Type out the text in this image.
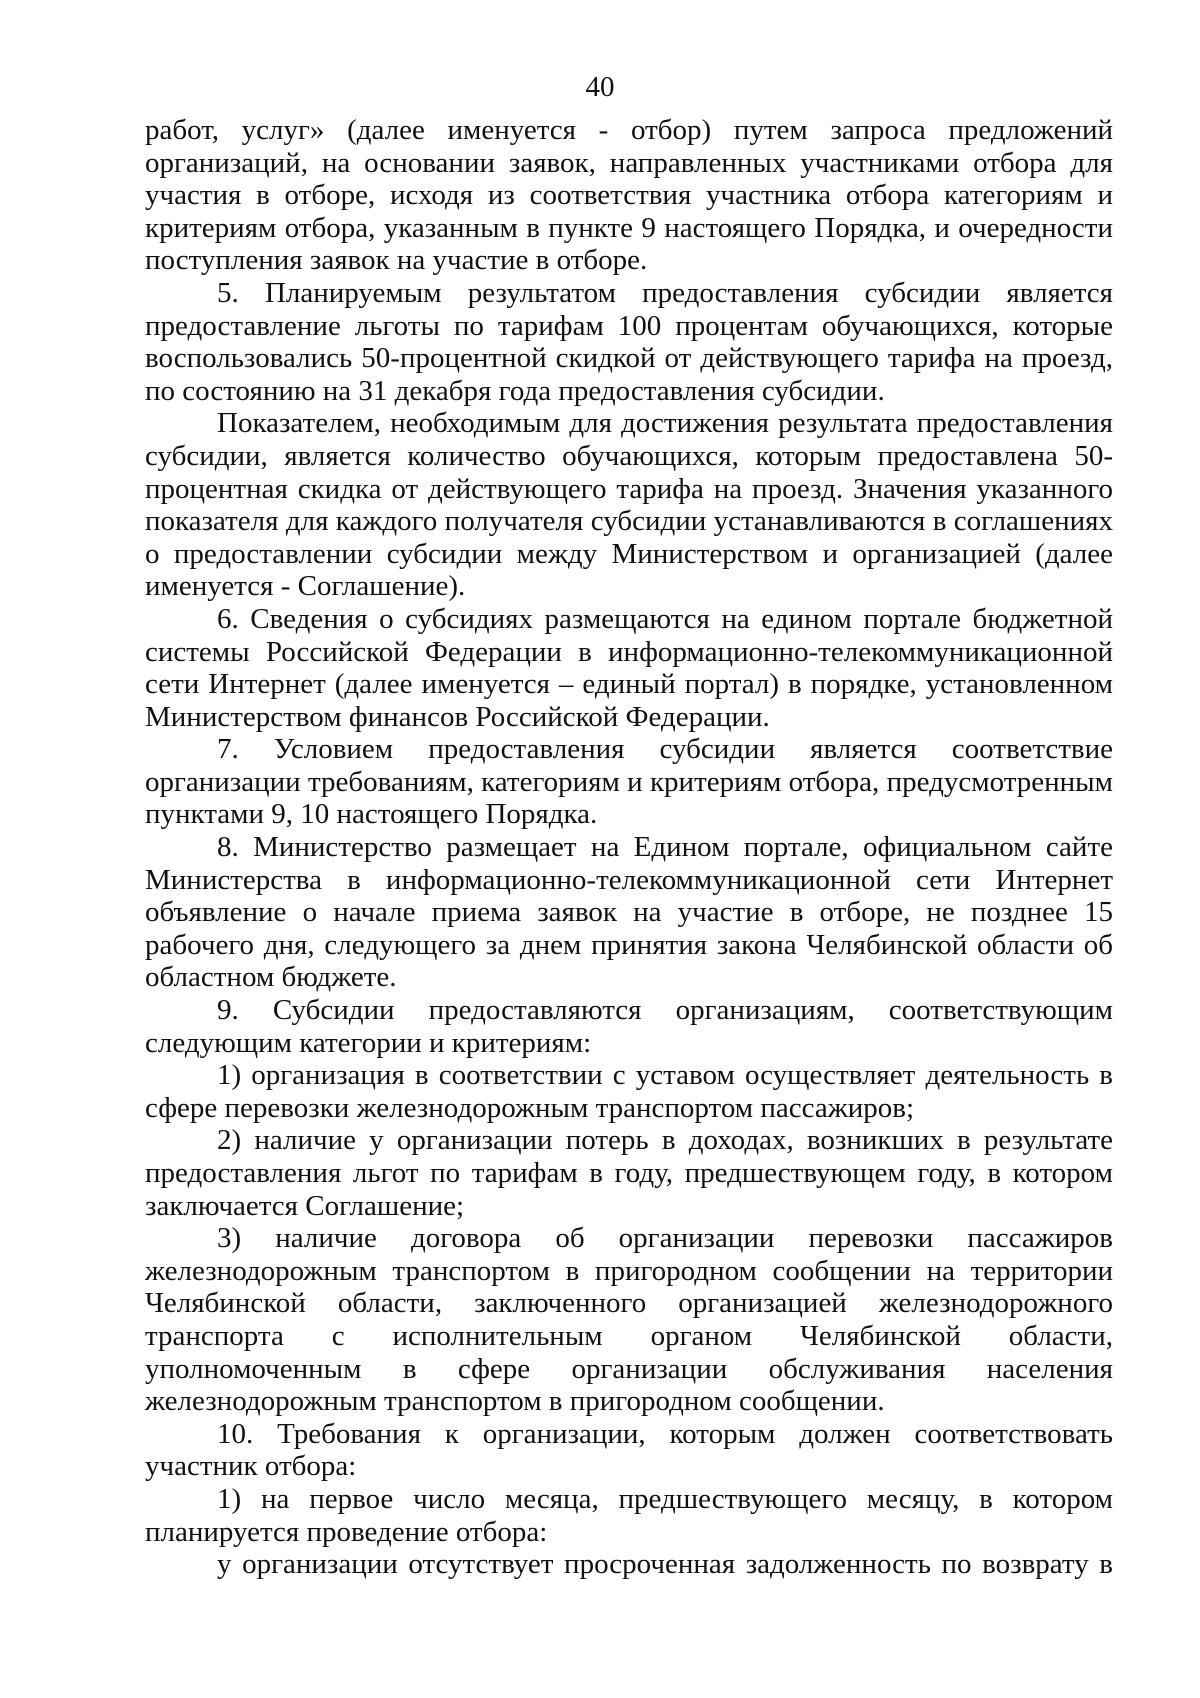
40

работ, услуг» (далее именуется - отбор) путем запроса предложений организаций, на основании заявок, направленных участниками отбора для участия в отборе, исходя из соответствия участника отбора категориям и критериям отбора, указанным в пункте 9 настоящего Порядка, и очередности поступления заявок на участие в отборе.

5. Планируемым результатом предоставления субсидии является предоставление льготы по тарифам 100 процентам обучающихся, которые воспользовались 50-процентной скидкой от действующего тарифа на проезд, по состоянию на 31 декабря года предоставления субсидии.

Показателем, необходимым для достижения результата предоставления субсидии, является количество обучающихся, которым предоставлена 50-процентная скидка от действующего тарифа на проезд. Значения указанного показателя для каждого получателя субсидии устанавливаются в соглашениях о предоставлении субсидии между Министерством и организацией (далее именуется - Соглашение).

6. Сведения о субсидиях размещаются на едином портале бюджетной системы Российской Федерации в информационно-телекоммуникационной сети Интернет (далее именуется – единый портал) в порядке, установленном Министерством финансов Российской Федерации.

7. Условием предоставления субсидии является соответствие организации требованиям, категориям и критериям отбора, предусмотренным пунктами 9, 10 настоящего Порядка.

8. Министерство размещает на Едином портале, официальном сайте Министерства в информационно-телекоммуникационной сети Интернет объявление о начале приема заявок на участие в отборе, не позднее 15 рабочего дня, следующего за днем принятия закона Челябинской области об областном бюджете.

9. Субсидии предоставляются организациям, соответствующим следующим категории и критериям:

1) организация в соответствии с уставом осуществляет деятельность в сфере перевозки железнодорожным транспортом пассажиров;

2) наличие у организации потерь в доходах, возникших в результате предоставления льгот по тарифам в году, предшествующем году, в котором заключается Соглашение;

3) наличие договора об организации перевозки пассажиров железнодорожным транспортом в пригородном сообщении на территории Челябинской области, заключенного организацией железнодорожного транспорта с исполнительным органом Челябинской области, уполномоченным в сфере организации обслуживания населения железнодорожным транспортом в пригородном сообщении.

10. Требования к организации, которым должен соответствовать участник отбора:

1) на первое число месяца, предшествующего месяцу, в котором планируется проведение отбора:

у организации отсутствует просроченная задолженность по возврату в
